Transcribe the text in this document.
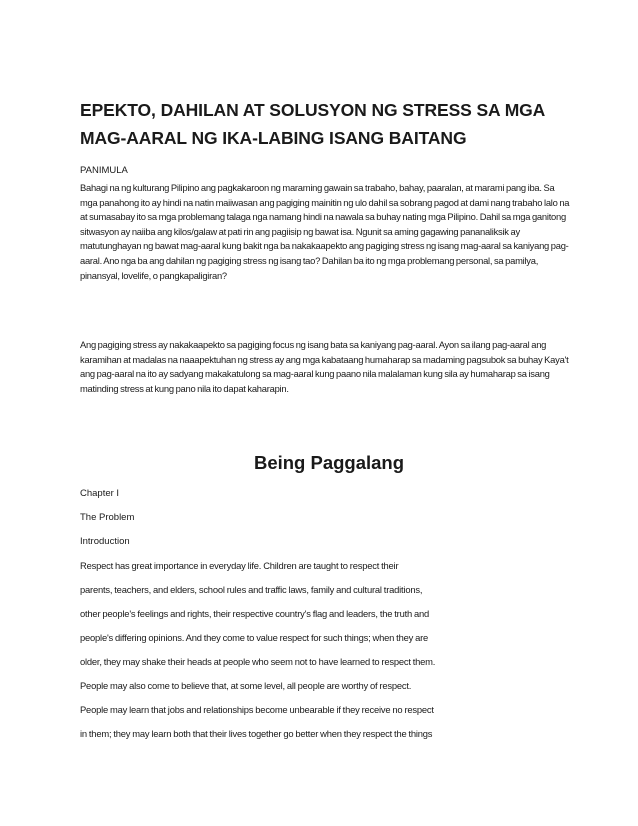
EPEKTO, DAHILAN AT SOLUSYON NG STRESS SA MGA MAG-AARAL NG IKA-LABING ISANG BAITANG

PANIMULA

Bahagi na ng kulturang Pilipino ang pagkakaroon ng maraming gawain sa trabaho, bahay, paaralan, at marami pang iba. Sa mga panahong ito ay hindi na natin maiiwasan ang pagiging mainitin ng ulo dahil sa sobrang pagod at dami nang trabaho lalo na at sumasabay ito sa mga problemang talaga nga namang hindi na nawala sa buhay nating mga Pilipino. Dahil sa mga ganitong sitwasyon ay naiiba ang kilos/galaw at pati rin ang pagiisip ng bawat isa. Ngunit sa aming gagawing pananaliksik ay matutunghayan ng bawat mag-aaral kung bakit nga ba nakakaapekto ang pagiging stress ng isang mag-aaral sa kaniyang pag-aaral. Ano nga ba ang dahilan ng pagiging stress ng isang tao? Dahilan ba ito ng mga problemang personal, sa pamilya, pinansyal, lovelife, o pangkapaligiran?

Ang pagiging stress ay nakakaapekto sa pagiging focus ng isang bata sa kaniyang pag-aaral. Ayon sa ilang pag-aaral ang karamihan at madalas na naaapektuhan ng stress ay ang mga kabataang humaharap sa madaming pagsubok sa buhay Kaya't ang pag-aaral na ito ay sadyang makakatulong sa mag-aaral kung paano nila malalaman kung sila ay humaharap sa isang matinding stress at kung pano nila ito dapat kaharapin.

Being Paggalang

Chapter I

The Problem

Introduction

Respect has great importance in everyday life. Children are taught to respect their

parents, teachers, and elders, school rules and traffic laws, family and cultural traditions,

other people's feelings and rights, their respective country's flag and leaders, the truth and

people's differing opinions. And they come to value respect for such things; when they are

older, they may shake their heads at people who seem not to have learned to respect them.

People may also come to believe that, at some level, all people are worthy of respect.

People may learn that jobs and relationships become unbearable if they receive no respect

in them; they may learn both that their lives together go better when they respect the things
